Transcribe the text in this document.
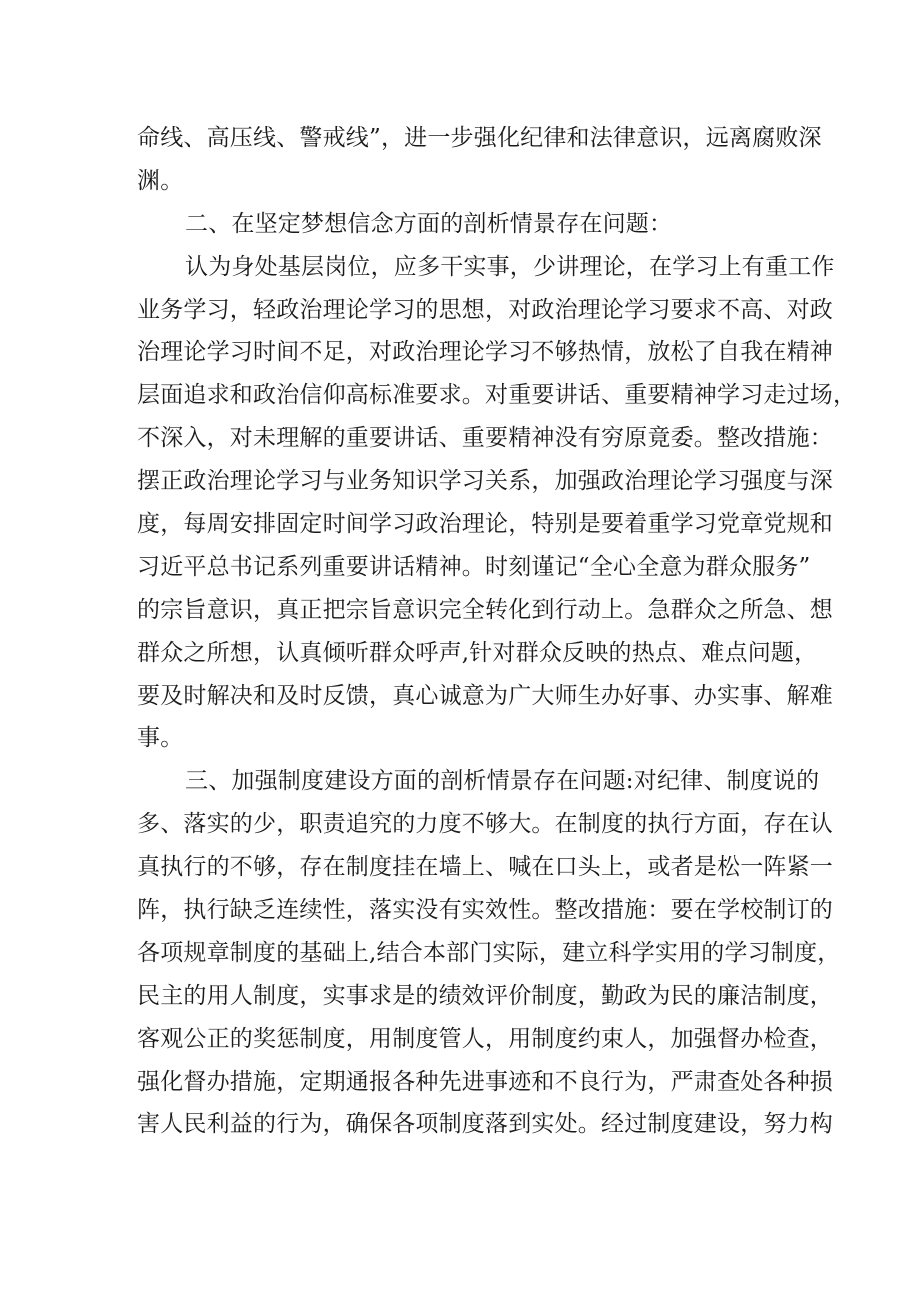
命线、高压线、警戒线”，进一步强化纪律和法律意识，远离腐败深
渊。
二、在坚定梦想信念方面的剖析情景存在问题：
认为身处基层岗位，应多干实事，少讲理论，在学习上有重工作
业务学习，轻政治理论学习的思想，对政治理论学习要求不高、对政
治理论学习时间不足，对政治理论学习不够热情，放松了自我在精神
层面追求和政治信仰高标准要求。对重要讲话、重要精神学习走过场，
不深入，对未理解的重要讲话、重要精神没有穷原竟委。整改措施：
摆正政治理论学习与业务知识学习关系，加强政治理论学习强度与深
度，每周安排固定时间学习政治理论，特别是要着重学习党章党规和
习近平总书记系列重要讲话精神。时刻谨记“全心全意为群众服务”
的宗旨意识，真正把宗旨意识完全转化到行动上。急群众之所急、想
群众之所想，认真倾听群众呼声,针对群众反映的热点、难点问题，
要及时解决和及时反馈，真心诚意为广大师生办好事、办实事、解难
事。
三、加强制度建设方面的剖析情景存在问题:对纪律、制度说的
多、落实的少，职责追究的力度不够大。在制度的执行方面，存在认
真执行的不够，存在制度挂在墙上、喊在口头上，或者是松一阵紧一
阵，执行缺乏连续性，落实没有实效性。整改措施：要在学校制订的
各项规章制度的基础上,结合本部门实际，建立科学实用的学习制度，
民主的用人制度，实事求是的绩效评价制度，勤政为民的廉洁制度，
客观公正的奖惩制度，用制度管人，用制度约束人，加强督办检查，
强化督办措施，定期通报各种先进事迹和不良行为，严肃查处各种损
害人民利益的行为，确保各项制度落到实处。经过制度建设，努力构
